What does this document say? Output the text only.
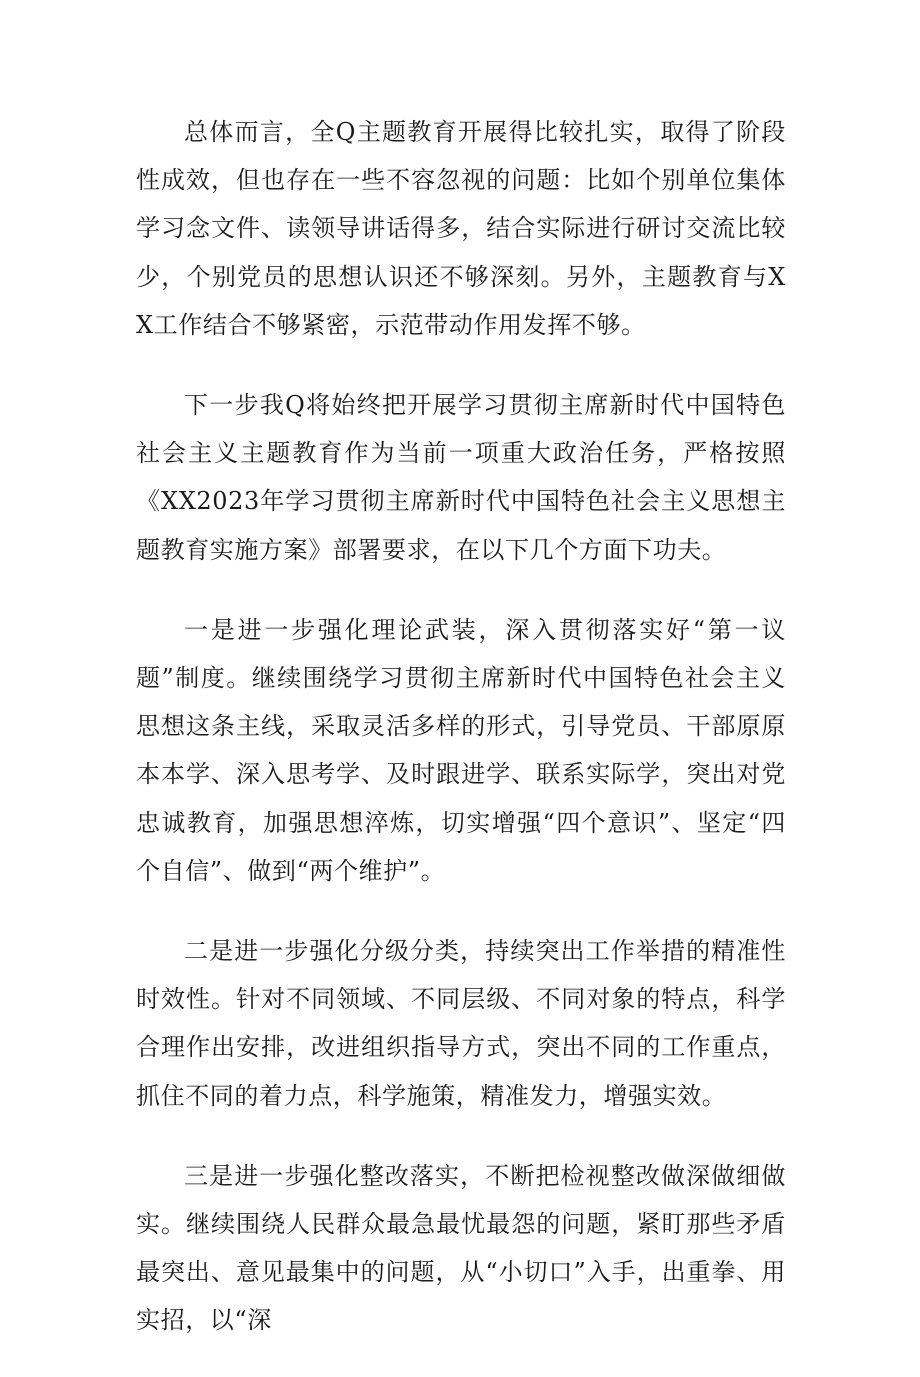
总体而言，全Q主题教育开展得比较扎实，取得了阶段性成效，但也存在一些不容忽视的问题：比如个别单位集体学习念文件、读领导讲话得多，结合实际进行研讨交流比较少，个别党员的思想认识还不够深刻。另外，主题教育与XX工作结合不够紧密，示范带动作用发挥不够。

下一步我Q将始终把开展学习贯彻主席新时代中国特色社会主义主题教育作为当前一项重大政治任务，严格按照《XX2023年学习贯彻主席新时代中国特色社会主义思想主题教育实施方案》部署要求，在以下几个方面下功夫。

一是进一步强化理论武装，深入贯彻落实好“第一议题”制度。继续围绕学习贯彻主席新时代中国特色社会主义思想这条主线，采取灵活多样的形式，引导党员、干部原原本本学、深入思考学、及时跟进学、联系实际学，突出对党忠诚教育，加强思想淬炼，切实增强“四个意识”、坚定“四个自信”、做到“两个维护”。

二是进一步强化分级分类，持续突出工作举措的精准性时效性。针对不同领域、不同层级、不同对象的特点，科学合理作出安排，改进组织指导方式，突出不同的工作重点，抓住不同的着力点，科学施策，精准发力，增强实效。

三是进一步强化整改落实，不断把检视整改做深做细做实。继续围绕人民群众最急最忧最怨的问题，紧盯那些矛盾最突出、意见最集中的问题，从“小切口”入手，出重拳、用实招，以“深
